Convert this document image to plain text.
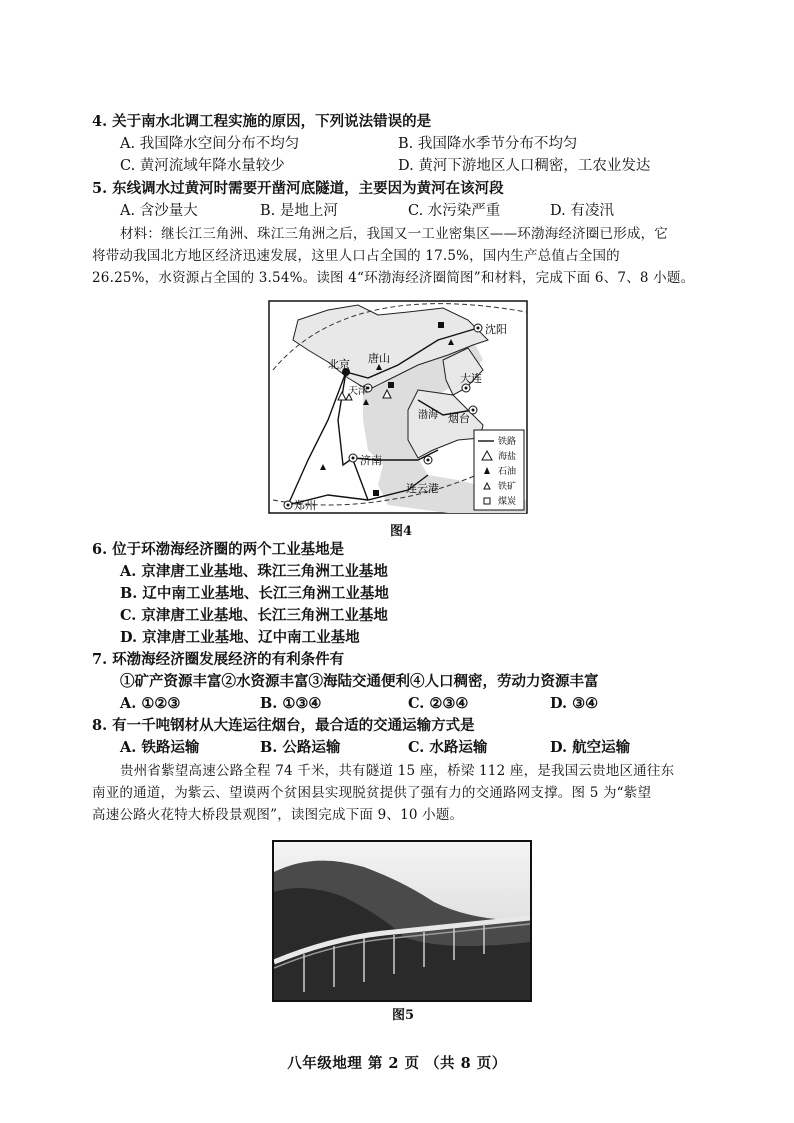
4. 关于南水北调工程实施的原因，下列说法错误的是
A. 我国降水空间分布不均匀	B. 我国降水季节分布不均匀
C. 黄河流域年降水量较少	D. 黄河下游地区人口稠密，工农业发达
5. 东线调水过黄河时需要开凿河底隧道，主要因为黄河在该河段
A. 含沙量大	B. 是地上河	C. 水污染严重	D. 有凌汛
材料：继长江三角洲、珠江三角洲之后，我国又一工业密集区——环渤海经济圈已形成，它
将带动我国北方地区经济迅速发展，这里人口占全国的 17.5%，国内生产总值占全国的
26.25%，水资源占全国的 3.54%。读图 4“环渤海经济圈简图”和材料，完成下面 6、7、8 小题。
沈阳
北京 唐山
天津
大连
渤海 烟台
济南
连云港
郑州
铁路
海盐
石油
铁矿
煤炭
图4
6. 位于环渤海经济圈的两个工业基地是
A. 京津唐工业基地、珠江三角洲工业基地
B. 辽中南工业基地、长江三角洲工业基地
C. 京津唐工业基地、长江三角洲工业基地
D. 京津唐工业基地、辽中南工业基地
7. 环渤海经济圈发展经济的有利条件有
①矿产资源丰富②水资源丰富③海陆交通便利④人口稠密，劳动力资源丰富
A. ①②③	B. ①③④	C. ②③④	D. ③④
8. 有一千吨钢材从大连运往烟台，最合适的交通运输方式是
A. 铁路运输	B. 公路运输	C. 水路运输	D. 航空运输
贵州省紫望高速公路全程 74 千米，共有隧道 15 座，桥梁 112 座，是我国云贵地区通往东
南亚的通道，为紫云、望谟两个贫困县实现脱贫提供了强有力的交通路网支撑。图 5 为“紫望
高速公路火花特大桥段景观图”，读图完成下面 9、10 小题。
图5
八年级地理 第 2 页 （共 8 页）
